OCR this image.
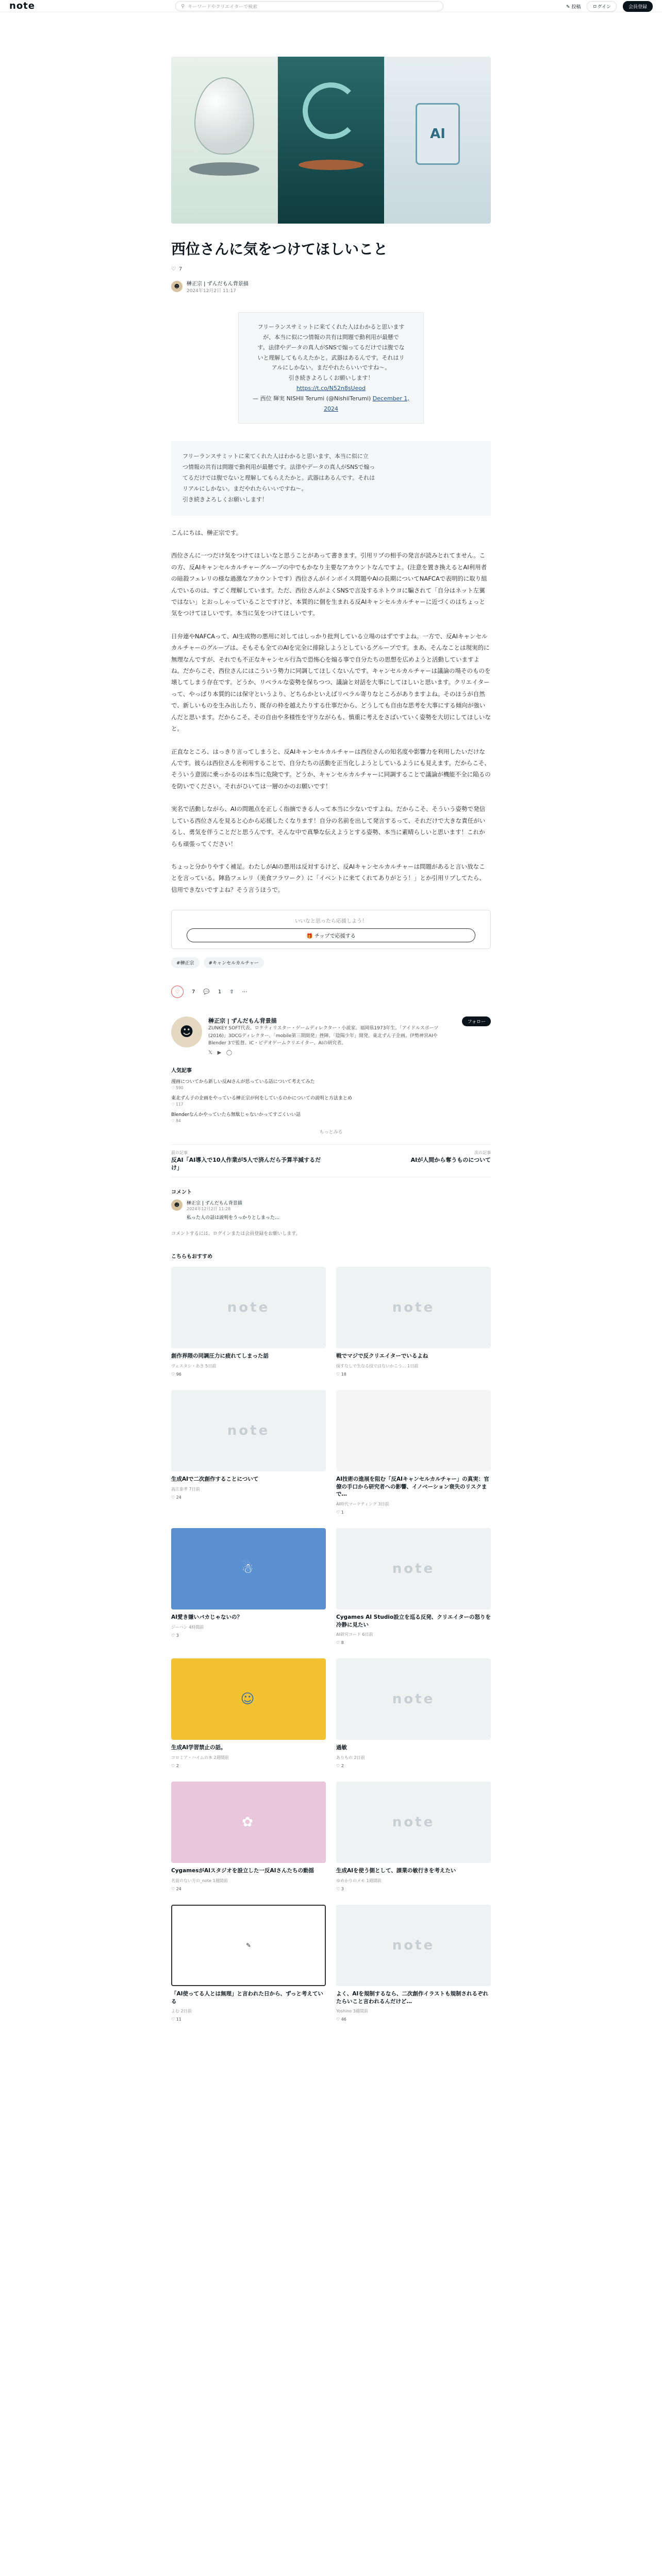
note	⚲ キーワードやクリエイターで検索	✎ 投稿	ログイン	会員登録
AI
西位さんに気をつけてほしいこと
♡ 7
☻	榊正宗 | ずんだもん背景描
2024年12月2日 11:17
フリーランスサミットに来てくれた人はわかると思います
が、本当に似につ情報の共有は問題で動利用が最懸で
す。法律やデータの真人がSNSで煽ってるだけでは腹でな
いと理解してもらえたかと。武器はあるんです。それはリ
アルにしかない。まだやれたらいいですね〜。
引き続きよろしくお願いします！
https://t.co/N52n8sUeod
— 西位 輝実 NISHII Terumi (@NishiiTerumi) December 1, 2024
フリーランスサミットに来てくれた人はわかると思います、本当に似に立
つ情報の共有は問題で動利用が最懸です。法律やデータの真人がSNSで煽っ
てるだけでは腹でないと理解してもらえたかと。武器はあるんです。それは
リアルにしかない。まだやれたらいいですね〜。
引き続きよろしくお願いします！

こんにちは、榊正宗です。

西位さんに一つだけ気をつけてほしいなと思うことがあって書きます。引用リプの相手の発言が読みとれてません。この方、反AIキャンセルカルチャーグループの中でもかなり主要なアカウントなんですよ。(注意を置き換えるとAI利用者の暗殺フェレリの様な過激なアカウントです）西位さんがインボイス問題やAIの長期についてNAFCAで表明的に取り組んでいるのは、すごく理解しています。ただ、西位さんがよくSNSで言及するネトウヨに騙されて「自分はネット左翼ではない」とおっしゃっていることですけど、本質的に個を生まれる反AIキャンセルカルチャーに近づくのはちょっと気をつけてほしいです。本当に気をつけてほしいです。

日弁連やNAFCAって、AI生成物の悪用に対してはしっかり批判している立場のはずですよね。一方で、反AIキャンセルカルチャーのグループは、そもそも全てのAIを完全に排除しようとしているグループです。まあ、そんなことは現実的に無理なんですが、それでも不正なキャンセル行為で恐怖心を煽る事で自分たちの思想を広めようと活動していますよね。だからこそ、西位さんにはこういう勢力に同調してほしくないんです。キャンセルカルチャーは議論の場そのものを壊してしまう存在です。どうか、リベラルな姿勢を保ちつつ、議論と対話を大事にしてほしいと思います。クリエイターって、やっぱり本質的には保守というより、どちらかといえばリベラル寄りなところがありますよね。そのほうが自然で、新しいものを生み出したり、既存の枠を越えたりする仕事だから、どうしても自由な思考を大事にする傾向が強いんだと思います。だからこそ、その自由や多様性を守りながらも、慎重に考えをさばいていく姿勢を大切にしてほしいなと。

正直なところ、はっきり言ってしまうと、反AIキャンセルカルチャーは西位さんの知名度や影響力を利用したいだけなんです。彼らは西位さんを利用することで、自分たちの活動を正当化しようとしているようにも見えます。だからこそ、そういう意図に乗っかるのは本当に危険です。どうか、キャンセルカルチャーに同調することで議論が機能不全に陥るのを防いでください。それがひいては一層のかのお願いです！

実名で活動しながら、AIの問題点を正しく指摘できる人って本当に少ないですよね。だからこそ、そういう姿勢で発信している西位さんを見ると心から応援したくなります！自分の名前を出して発言するって、それだけで大きな責任がいるし、勇気を伴うことだと思うんです。そんな中で真摯な伝えようとする姿勢、本当に素晴らしいと思います！これからも頑張ってください！

ちょっと分かりやすく補足。わたしがAIの悪用は反対するけど、反AIキャンセルカルチャーは問題があると言い放なことを言っている。陣島フェレリ（美食フラワーク）に「イベントに来てくれてありがとう！」とか引用リプしてたら、信用できないですよね？そう言うほうで。

いいなと思ったら応援しよう！
🎁 チップで応援する
#榊正宗	#キャンセルカルチャー
♡	7 💬 1 ⇧ ⋯
☻
榊正宗 | ずんだもん背景描
ZUNKEY SOFT代表。ロケティリスター・ゲームディレクター・小説家。福岡県1973年生。「アイドルスポーツ(2016)」3DCGディレクター、「mobile第三期開発」挫陣。「陰陽少年」開発。東北ずん子企画。伊勢神宮AIやBlender 3で監督。IC・ビデオゲームクリエイター。AIの研究者。
𝕏 ▶ ◯
フォロー
人気記事
漫画についてから新しい反AIさんが思っている話について考えてみた
♡ 590
東北ずん子の企画をやっている榊正宗が何をしているのかについての説明と方法まとめ
♡ 117
Blenderなんかやっていたら無駄じゃないかってすごくいい話
♡ 84
もっとみる
前の記事
反AI「AI導入で10人作業が5人で済んだら予算半減するだけ」
次の記事
AIが人間から奪うものについて
コメント
☻	榊正宗 | ずんだもん背景描
2024年12月2日 11:28
私った人の話は説明をうっかりとしまった…
コメントするには、ログインまたは会員登録をお願いします。
こちらもおすすめ
note
創作界隈の同調圧力に疲れてしまった話
ヴェスタシ・あき 5日前
♡ 96
note
戦でマジで反クリエイターでいるよね
探すなしで生なる技ではないかこう... 1日前
♡ 18
note
生成AIで二次創作することについて
高江泰孝 7日前
♡ 24
AI技術の進展を阻む「反AIキャンセルカルチャー」の真実：官僚の手口から研究者への影響、イノベーション衰失のリスクまで…
AI時代マーケティング 3日前
♡ 1
☃
AI愛き嫌いバカじゃないの？
ジーハン 4時間前
♡ 3
note
Cygames AI Studio設立を巡る反発、クリエイターの怒りを冷静に見たい
AI研究コード 6日前
♡ 8
☺
生成AI学習禁止の話。
コロミア・ハイムの本 2週間前
♡ 2
note
過敏
ありもの 2日前
♡ 2
✿
CygamesがAIスタジオを設立した一反AIさんたちの動揺
名前のない方の_note 1週間前
♡ 24
note
生成AIを使う側として、課業の敏行きを考えたい
ゆめかりのメモ 1週間前
♡ 3
✎
「AI使ってる人とは無理」と言われた日から、ずっと考えている
よむ 2日前
♡ 11
note
よく、AIを規制するなら、二次創作イラストも規制されるぞれたらいこと言われるんだけど…
Yoshino 3週間前
♡ 46
